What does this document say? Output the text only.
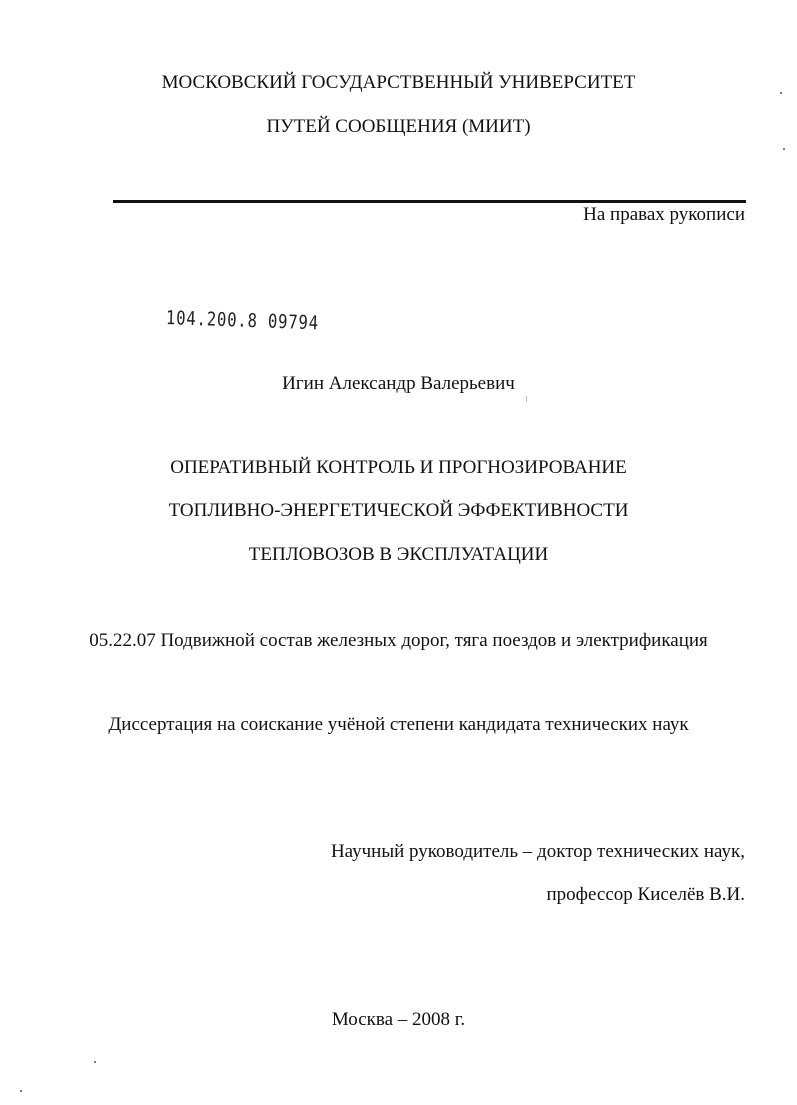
МОСКОВСКИЙ ГОСУДАРСТВЕННЫЙ УНИВЕРСИТЕТ
ПУТЕЙ СООБЩЕНИЯ (МИИТ)
На правах рукописи
104.200.8 09794
Игин Александр Валерьевич
ОПЕРАТИВНЫЙ КОНТРОЛЬ И ПРОГНОЗИРОВАНИЕ
ТОПЛИВНО-ЭНЕРГЕТИЧЕСКОЙ ЭФФЕКТИВНОСТИ
ТЕПЛОВОЗОВ В ЭКСПЛУАТАЦИИ
05.22.07 Подвижной состав железных дорог, тяга поездов и электрификация
Диссертация на соискание учёной степени кандидата технических наук
Научный руководитель – доктор технических наук,
профессор Киселёв В.И.
Москва – 2008 г.
